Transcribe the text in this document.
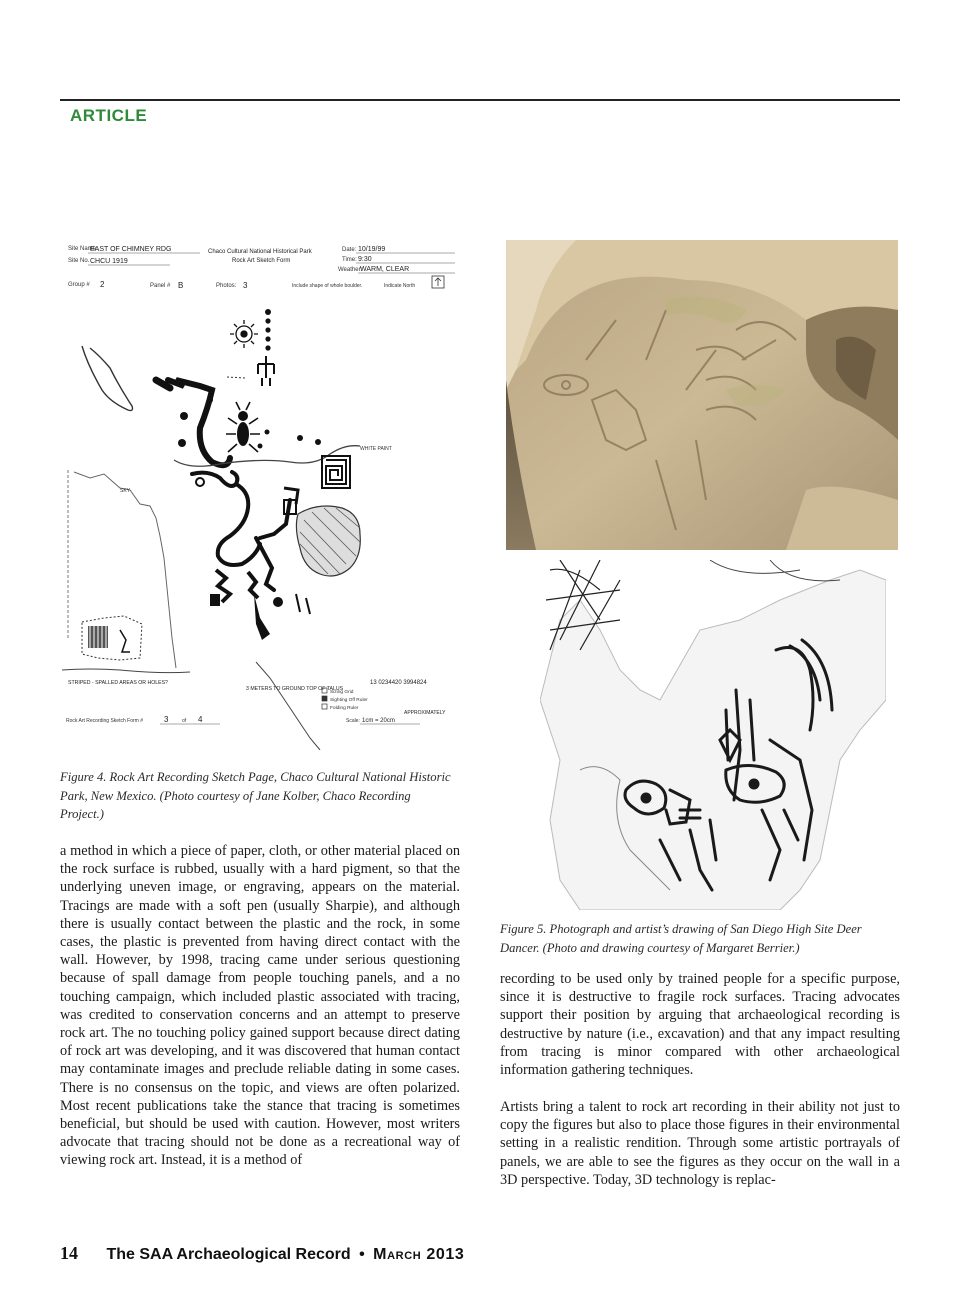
ARTICLE
Site Name
EAST OF CHIMNEY RDG
Site No. CHCU 1919
Chaco Cultural National Historical Park
Rock Art Sketch Form
Date: 10/19/99
Time: 9:30
Weather:
WARM, CLEAR
Group # 2	Panel # B	Photos: 3	Include shape of whole boulder.	Indicate North
WHITE PAINT
SKY
STRIPED - SPALLED AREAS OR HOLES?
3 METERS TO GROUND TOP OF TALUS
13 0234420 3994824
Sizing Grid
Sighting Off Ruler
Folding Ruler
APPROXIMATELY
Rock Art Recording Sketch Form #	3	of 4	Scale: 1cm = 20cm
Figure 4. Rock Art Recording Sketch Page, Chaco Cultural National Historic Park, New Mexico. (Photo courtesy of Jane Kolber, Chaco Recording Project.)
Figure 5. Photograph and artist’s drawing of San Diego High Site Deer Dancer. (Photo and drawing courtesy of Margaret Berrier.)

a method in which a piece of paper, cloth, or other material placed on the rock surface is rubbed, usually with a hard pigment, so that the underlying uneven image, or engraving, appears on the material. Tracings are made with a soft pen (usually Sharpie), and although there is usually contact between the plastic and the rock, in some cases, the plastic is prevented from having direct contact with the wall. However, by 1998, tracing came under serious questioning because of spall damage from people touching panels, and a no touching campaign, which included plastic associated with tracing, was credited to conservation concerns and an attempt to preserve rock art. The no touching policy gained support because direct dating of rock art was developing, and it was discovered that human contact may contaminate images and preclude reliable dating in some cases. There is no consensus on the topic, and views are often polarized. Most recent publications take the stance that tracing is sometimes beneficial, but should be used with caution. However, most writers advocate that tracing should not be done as a recreational way of viewing rock art. Instead, it is a method of

recording to be used only by trained people for a specific purpose, since it is destructive to fragile rock surfaces. Tracing advocates support their position by arguing that archaeological recording is destructive by nature (i.e., excavation) and that any impact resulting from tracing is minor compared with other archaeological information gathering techniques.

Artists bring a talent to rock art recording in their ability not just to copy the figures but also to place those figures in their environmental setting in a realistic rendition. Through some artistic portrayals of panels, we are able to see the figures as they occur on the wall in a 3D perspective. Today, 3D technology is replac-

14 The SAA Archaeological Record • March 2013
